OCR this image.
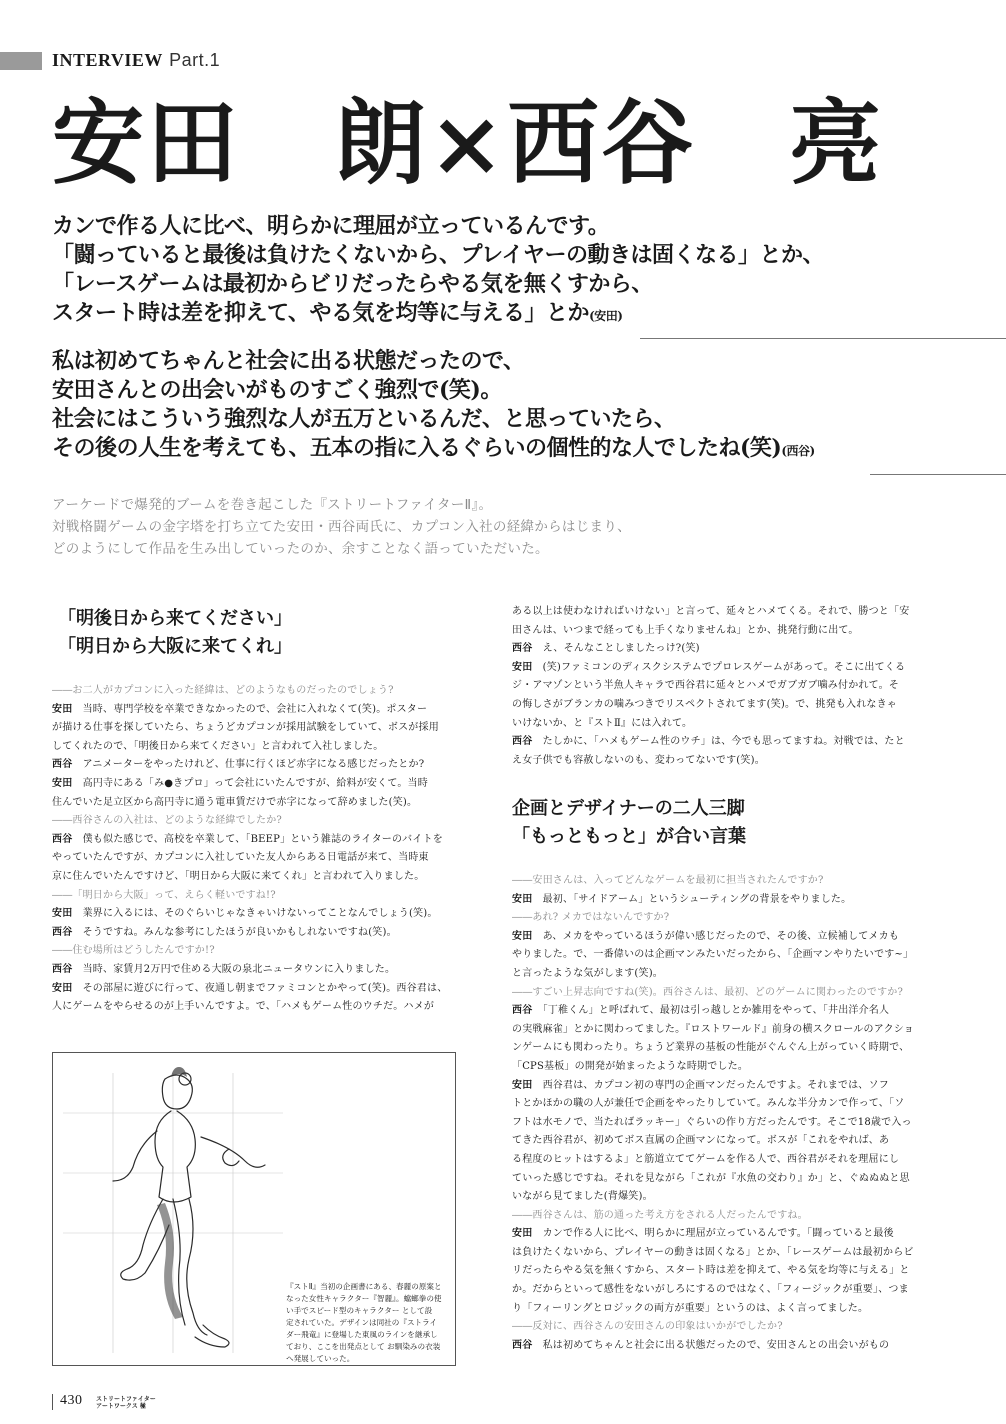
INTERVIEW Part.1
安田　朗×西谷　亮
カンで作る人に比べ、明らかに理屈が立っているんです。
「闘っていると最後は負けたくないから、プレイヤーの動きは固くなる」とか、
「レースゲームは最初からビリだったらやる気を無くすから、
スタート時は差を抑えて、やる気を均等に与える」とか(安田)
私は初めてちゃんと社会に出る状態だったので、
安田さんとの出会いがものすごく強烈で(笑)。
社会にはこういう強烈な人が五万といるんだ、と思っていたら、
その後の人生を考えても、五本の指に入るぐらいの個性的な人でしたね(笑)(西谷)
アーケードで爆発的ブームを巻き起こした『ストリートファイターⅡ』。
対戦格闘ゲームの金字塔を打ち立てた安田・西谷両氏に、カプコン入社の経緯からはじまり、
どのようにして作品を生み出していったのか、余すことなく語っていただいた。
「明後日から来てください」
「明日から大阪に来てくれ」
――お二人がカプコンに入った経緯は、どのようなものだったのでしょう?
安田　当時、専門学校を卒業できなかったので、会社に入れなくて(笑)。ポスター
が描ける仕事を探していたら、ちょうどカプコンが採用試験をしていて、ボスが採用
してくれたので、「明後日から来てください」と言われて入社しました。
西谷　アニメーターをやったけれど、仕事に行くほど赤字になる感じだったとか?
安田　高円寺にある「み●きプロ」って会社にいたんですが、給料が安くて。当時
住んでいた足立区から高円寺に通う電車賃だけで赤字になって辞めました(笑)。
――西谷さんの入社は、どのような経緯でしたか?
西谷　僕も似た感じで、高校を卒業して、「BEEP」という雑誌のライターのバイトを
やっていたんですが、カプコンに入社していた友人からある日電話が来て、当時東
京に住んでいたんですけど、「明日から大阪に来てくれ」と言われて入りました。
――「明日から大阪」って、えらく軽いですね!?
安田　業界に入るには、そのぐらいじゃなきゃいけないってことなんでしょう(笑)。
西谷　そうですね。みんな参考にしたほうが良いかもしれないですね(笑)。
――住む場所はどうしたんですか!?
西谷　当時、家賃月2万円で住める大阪の泉北ニュータウンに入りました。
安田　その部屋に遊びに行って、夜通し朝までファミコンとかやって(笑)。西谷君は、
人にゲームをやらせるのが上手いんですよ。で、「ハメもゲーム性のウチだ。ハメが
『ストⅡ』当初の企画書にある、春麗の原案と
なった女性キャラクター『智麗』。蟷螂拳の使
い手でスピード型のキャラクター として設
定されていた。デザインは同社の『ストライ
ダー飛竜』に登場した東風のラインを継承し
ており、ここを出発点として お馴染みの衣装
へ発展していった。
ある以上は使わなければいけない」と言って、延々とハメてくる。それで、勝つと「安
田さんは、いつまで経っても上手くなりませんね」とか、挑発行動に出て。
西谷　え、そんなことしましたっけ?(笑)
安田　(笑)ファミコンのディスクシステムでプロレスゲームがあって。そこに出てくる
ジ・アマゾンという半魚人キャラで西谷君に延々とハメでガブガブ噛み付かれて。そ
の悔しさがブランカの噛みつきでリスペクトされてます(笑)。で、挑発も入れなきゃ
いけないか、と『ストⅡ』には入れて。
西谷　たしかに、「ハメもゲーム性のウチ」は、今でも思ってますね。対戦では、たと
え女子供でも容赦しないのも、変わってないです(笑)。
企画とデザイナーの二人三脚
「もっともっと」が合い言葉
――安田さんは、入ってどんなゲームを最初に担当されたんですか?
安田　最初、「サイドアーム」というシューティングの背景をやりました。
――あれ? メカではないんですか?
安田　あ、メカをやっているほうが偉い感じだったので、その後、立候補してメカも
やりました。で、一番偉いのは企画マンみたいだったから、「企画マンやりたいです~」
と言ったような気がします(笑)。
――すごい上昇志向ですね(笑)。西谷さんは、最初、どのゲームに関わったのですか?
西谷　「丁稚くん」と呼ばれて、最初は引っ越しとか雑用をやって、「井出洋介名人
の実戦麻雀」とかに関わってました。『ロストワールド』前身の横スクロールのアクショ
ンゲームにも関わったり。ちょうど業界の基板の性能がぐんぐん上がっていく時期で、
「CPS基板」の開発が始まったような時期でした。
安田　西谷君は、カプコン初の専門の企画マンだったんですよ。それまでは、ソフ
トとかほかの職の人が兼任で企画をやったりしていて。みんな半分カンで作って、「ソ
フトは水モノで、当たればラッキー」ぐらいの作り方だったんです。そこで18歳で入っ
てきた西谷君が、初めてボス直属の企画マンになって。ボスが「これをやれば、あ
る程度のヒットはするよ」と筋道立ててゲームを作る人で、西谷君がそれを理屈にし
ていった感じですね。それを見ながら「これが『水魚の交わり』か」と、ぐぬぬぬと思
いながら見てました(背爆笑)。
――西谷さんは、筋の通った考え方をされる人だったんですね。
安田　カンで作る人に比べ、明らかに理屈が立っているんです。「闘っていると最後
は負けたくないから、プレイヤーの動きは固くなる」とか、「レースゲームは最初からビ
リだったらやる気を無くすから、スタート時は差を抑えて、やる気を均等に与える」と
か。だからといって感性をないがしろにするのではなく、「フィージックが重要」、つま
り「フィーリングとロジックの両方が重要」というのは、よく言ってました。
――反対に、西谷さんの安田さんの印象はいかがでしたか?
西谷　私は初めてちゃんと社会に出る状態だったので、安田さんとの出会いがもの
430 ストリートファイター
アートワークス 極
